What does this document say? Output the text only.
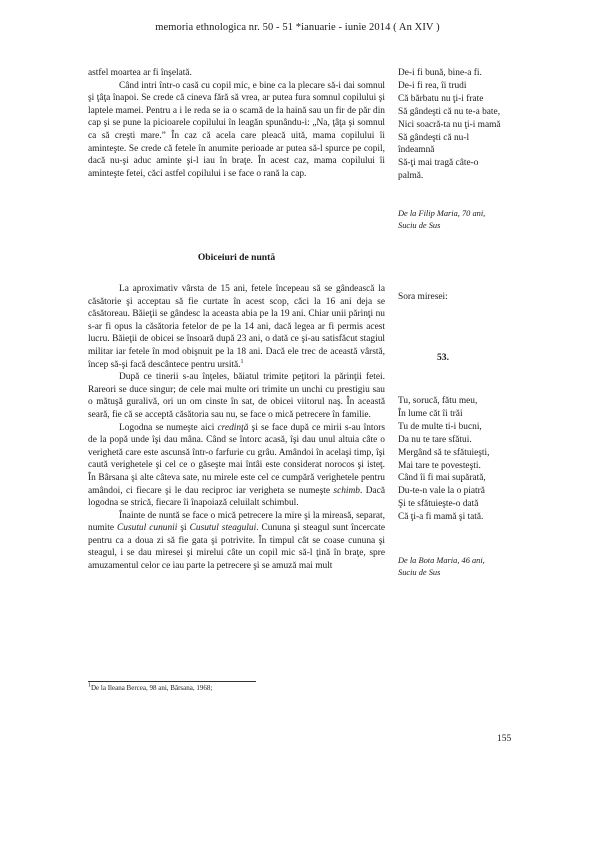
memoria ethnologica nr. 50 - 51 *ianuarie - iunie 2014 ( An XIV )

astfel moartea ar fi înşelată.

Când intri într-o casă cu copil mic, e bine ca la plecare să-i dai somnul şi ţâţa înapoi. Se crede că cineva fără să vrea, ar putea fura somnul copilului şi laptele mamei. Pentru a i le reda se ia o scamă de la haină sau un fir de păr din cap şi se pune la picioarele copilului în leagăn spunându-i: „Na, ţâţa şi somnul ca să creşti mare.” În caz că acela care pleacă uită, mama copilului îi aminteşte. Se crede că fetele în anumite perioade ar putea să-l spurce pe copil, dacă nu-şi aduc aminte şi-l iau în braţe. În acest caz, mama copilului îi aminteşte fetei, căci astfel copilului i se face o rană la cap.

Obiceiuri de nuntă

La aproximativ vârsta de 15 ani, fetele începeau să se gândească la căsătorie şi acceptau să fie curtate în acest scop, căci la 16 ani deja se căsătoreau. Băieţii se gândesc la aceasta abia pe la 19 ani. Chiar unii părinţi nu s-ar fi opus la căsătoria fetelor de pe la 14 ani, dacă legea ar fi permis acest lucru. Băieţii de obicei se însoară după 23 ani, o dată ce şi-au satisfăcut stagiul militar iar fetele în mod obişnuit pe la 18 ani. Dacă ele trec de această vârstă, încep să-şi facă descântece pentru ursită.$^1$

După ce tinerii s-au înţeles, băiatul trimite peţitori la părinţii fetei. Rareori se duce singur; de cele mai multe ori trimite un unchi cu prestigiu sau o mătuşă guralivă, ori un om cinste în sat, de obicei viitorul naş. În această seară, fie că se acceptă căsătoria sau nu, se face o mică petrecere în familie.

Logodna se numeşte aici credinţă şi se face după ce mirii s-au întors de la popă unde îşi dau mâna. Când se întorc acasă, îşi dau unul altuia câte o verighetă care este ascunsă într-o farfurie cu grâu. Amândoi în acelaşi timp, îşi caută verighetele şi cel ce o găseşte mai întâi este considerat norocos şi isteţ. În Bârsana şi alte câteva sate, nu mirele este cel ce cumpără verighetele pentru amândoi, ci fiecare şi le dau reciproc iar verigheta se numeşte schimb. Dacă logodna se strică, fiecare îi înapoiază celuilalt schimbul.

Înainte de nuntă se face o mică petrecere la mire şi la mireasă, separat, numite Cusutul cununii şi Cusutul steagului. Cununa şi steagul sunt încercate pentru ca a doua zi să fie gata şi potrivite. În timpul cât se coase cununa şi steagul, i se dau miresei şi mirelui câte un copil mic să-l ţină în braţe, spre amuzamentul celor ce iau parte la petrecere şi se amuză mai mult

$^1$De la Ileana Bercea, 98 ani, Bârsana, 1968;
De-i fi bună, bine-a fi.
De-i fi rea, îi trudi
Că bărbatu nu ţi-i frate
Să gândeşti că nu te-a bate,
Nici soacră-ta nu ţi-i mamă
Să gândeşti că nu-l
îndeamnă
Să-ţi mai tragă câte-o
palmă.
De la Filip Maria, 70 ani,
Suciu de Sus
Sora miresei:
53.
Tu, sorucă, fătu meu,
În lume căt îi trăi
Tu de multe ti-i bucni,
Da nu te tare sfătui.
Mergând să te sfătuieşti,
Mai tare te povesteşti.
Când îi fi mai supărată,
Du-te-n vale la o piatră
Şi te sfătuieşte-o dată
Că ţi-a fi mamă şi tată.
De la Bota Maria, 46 ani,
Suciu de Sus
155
